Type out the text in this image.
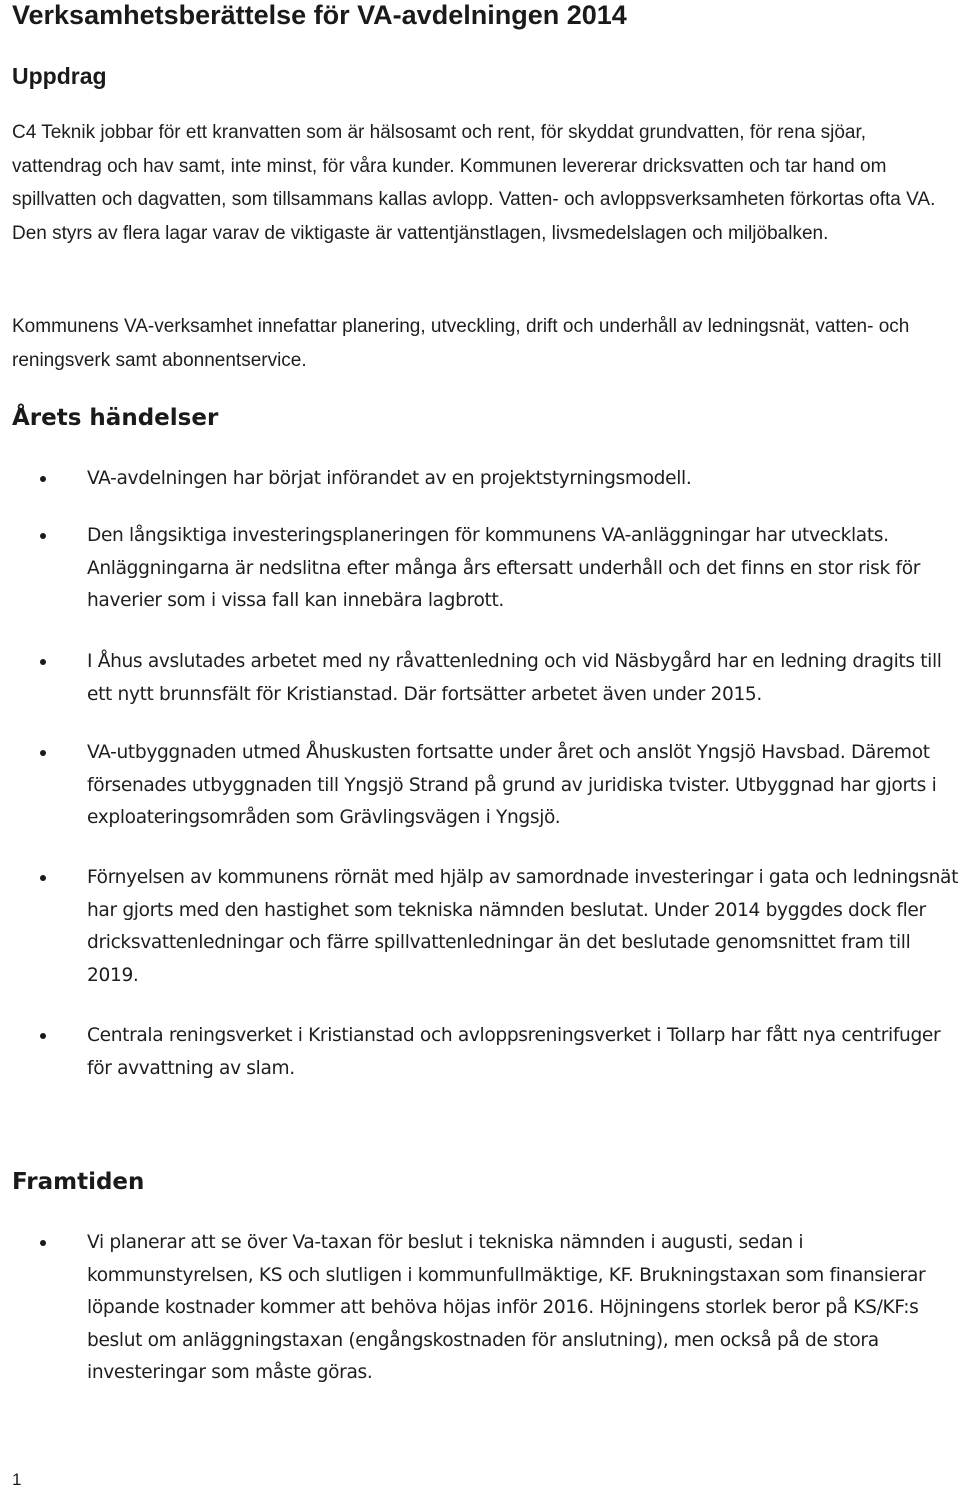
Verksamhetsberättelse för VA-avdelningen 2014
Uppdrag

C4 Teknik jobbar för ett kranvatten som är hälsosamt och rent, för skyddat grundvatten, för rena sjöar, vattendrag och hav samt, inte minst, för våra kunder. Kommunen levererar dricksvatten och tar hand om spillvatten och dagvatten, som tillsammans kallas avlopp. Vatten- och avloppsverksamheten förkortas ofta VA. Den styrs av flera lagar varav de viktigaste är vattentjänstlagen, livsmedelslagen och miljöbalken.

Kommunens VA-verksamhet innefattar planering, utveckling, drift och underhåll av ledningsnät, vatten- och reningsverk samt abonnentservice.

Årets händelser
VA-avdelningen har börjat införandet av en projektstyrningsmodell.
Den långsiktiga investeringsplaneringen för kommunens VA-anläggningar har utvecklats. Anläggningarna är nedslitna efter många års eftersatt underhåll och det finns en stor risk för haverier som i vissa fall kan innebära lagbrott.
I Åhus avslutades arbetet med ny råvattenledning och vid Näsbygård har en ledning dragits till ett nytt brunnsfält för Kristianstad. Där fortsätter arbetet även under 2015.
VA-utbyggnaden utmed Åhuskusten fortsatte under året och anslöt Yngsjö Havsbad. Däremot försenades utbyggnaden till Yngsjö Strand på grund av juridiska tvister. Utbyggnad har gjorts i exploateringsområden som Grävlingsvägen i Yngsjö.
Förnyelsen av kommunens rörnät med hjälp av samordnade investeringar i gata och ledningsnät har gjorts med den hastighet som tekniska nämnden beslutat. Under 2014 byggdes dock fler dricksvattenledningar och färre spillvattenledningar än det beslutade genomsnittet fram till 2019.
Centrala reningsverket i Kristianstad och avloppsreningsverket i Tollarp har fått nya centrifuger för avvattning av slam.
Framtiden
Vi planerar att se över Va-taxan för beslut i tekniska nämnden i augusti, sedan i kommunstyrelsen, KS och slutligen i kommunfullmäktige, KF. Brukningstaxan som finansierar löpande kostnader kommer att behöva höjas inför 2016. Höjningens storlek beror på KS/KF:s beslut om anläggningstaxan (engångskostnaden för anslutning), men också på de stora investeringar som måste göras.
1
